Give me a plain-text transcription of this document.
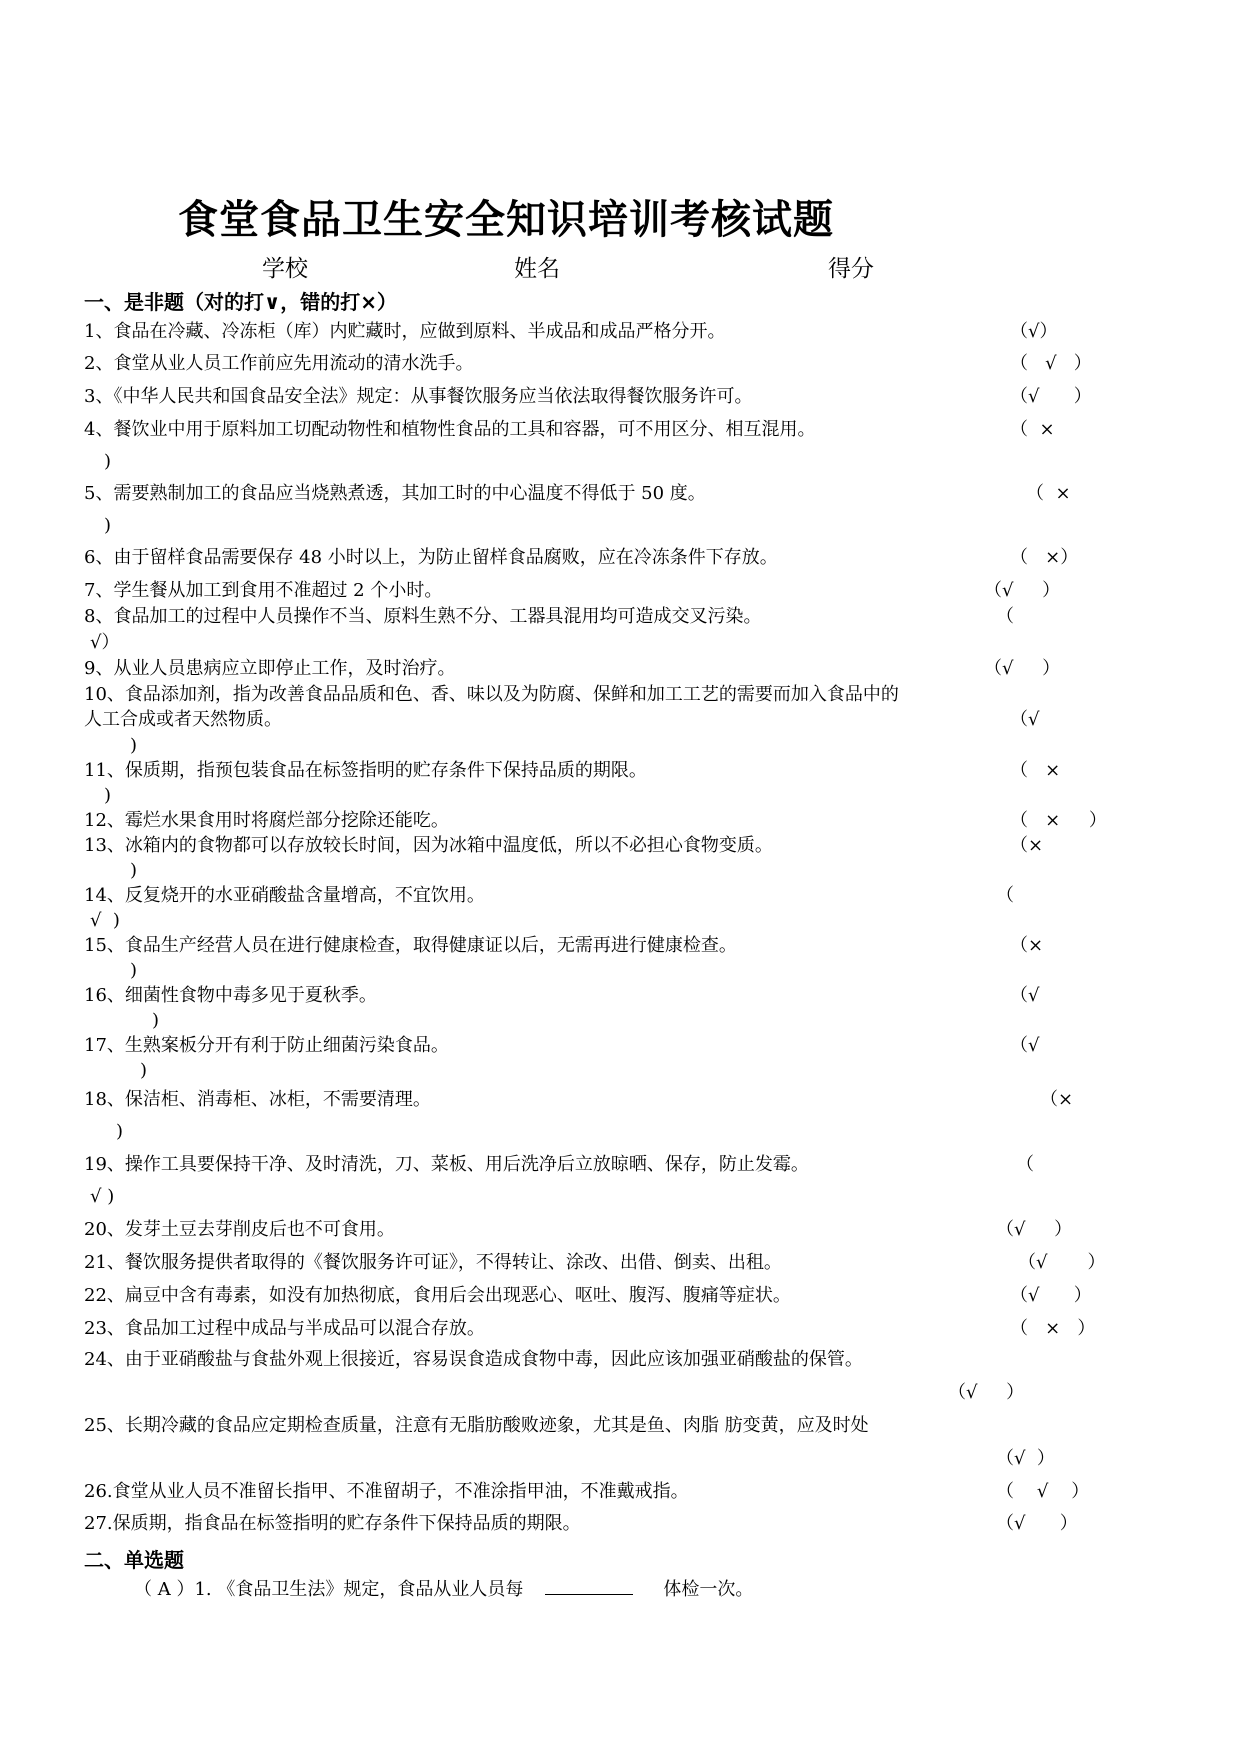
食堂食品卫生安全知识培训考核试题
学校	姓名	得分
一、是非题（对的打∨，错的打×）
1、食品在冷藏、冷冻柜（库）内贮藏时，应做到原料、半成品和成品严格分开。	（√）
2、食堂从业人员工作前应先用流动的清水洗手。	（   √   ）
3、《中华人民共和国食品安全法》规定：从事餐饮服务应当依法取得餐饮服务许可。	（√      ）
4、餐饮业中用于原料加工切配动物性和植物性食品的工具和容器，可不用区分、相互混用。	（  ×
)
5、需要熟制加工的食品应当烧熟煮透，其加工时的中心温度不得低于 50 度。	（  ×
)
6、由于留样食品需要保存 48 小时以上，为防止留样食品腐败，应在冷冻条件下存放。	（   ×）
7、学生餐从加工到食用不准超过 2 个小时。	（√     ）
8、食品加工的过程中人员操作不当、原料生熟不分、工器具混用均可造成交叉污染。	（
√）
9、从业人员患病应立即停止工作，及时治疗。	（√     ）
10、食品添加剂，指为改善食品品质和色、香、味以及为防腐、保鲜和加工工艺的需要而加入食品中的
人工合成或者天然物质。	（√
)
11、保质期，指预包装食品在标签指明的贮存条件下保持品质的期限。	（   ×
)
12、霉烂水果食用时将腐烂部分挖除还能吃。	（   ×     ）
13、冰箱内的食物都可以存放较长时间，因为冰箱中温度低，所以不必担心食物变质。	（×
)
14、反复烧开的水亚硝酸盐含量增高，不宜饮用。	（
√  )
15、食品生产经营人员在进行健康检查，取得健康证以后，无需再进行健康检查。	（×
)
16、细菌性食物中毒多见于夏秋季。	（√
)
17、生熟案板分开有利于防止细菌污染食品。	（√
)
18、保洁柜、消毒柜、冰柜，不需要清理。	（×
)
19、操作工具要保持干净、及时清洗，刀、菜板、用后洗净后立放晾晒、保存，防止发霉。	（
√ )
20、发芽土豆去芽削皮后也不可食用。	（√     ）
21、餐饮服务提供者取得的《餐饮服务许可证》，不得转让、涂改、出借、倒卖、出租。	（√       ）
22、扁豆中含有毒素，如没有加热彻底，食用后会出现恶心、呕吐、腹泻、腹痛等症状。	（√      ）
23、食品加工过程中成品与半成品可以混合存放。	（   ×   ）
24、由于亚硝酸盐与食盐外观上很接近，容易误食造成食物中毒，因此应该加强亚硝酸盐的保管。
（√     ）
25、长期冷藏的食品应定期检查质量，注意有无脂肪酸败迹象，尤其是鱼、肉脂 肪变黄，应及时处
（√  ）
26.食堂从业人员不准留长指甲、不准留胡子，不准涂指甲油，不准戴戒指。	（    √    ）
27.保质期，指食品在标签指明的贮存条件下保持品质的期限。	（√      ）
二、单选题
（ A ）1. 《食品卫生法》规定，食品从业人员每	体检一次。
